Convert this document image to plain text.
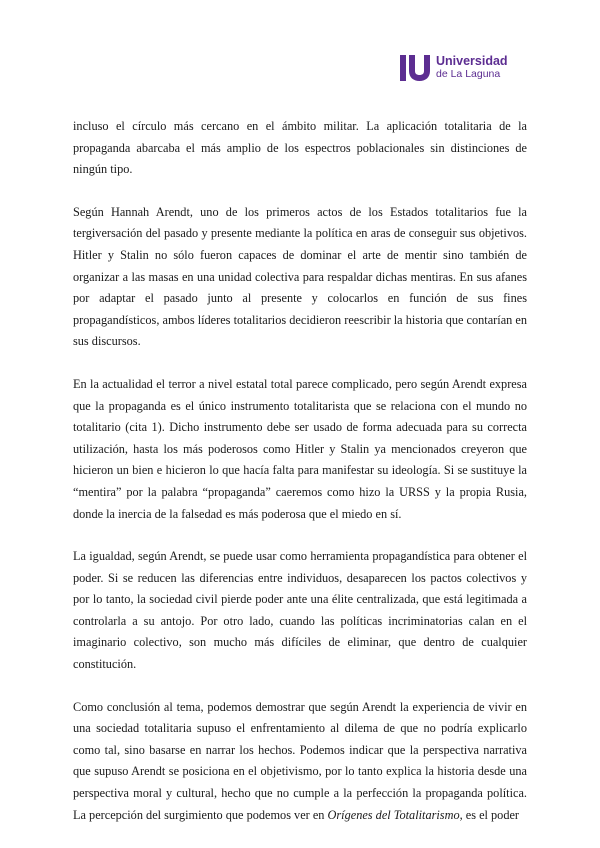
Universidad
de La Laguna

incluso el círculo más cercano en el ámbito militar. La aplicación totalitaria de la propaganda abarcaba el más amplio de los espectros poblacionales sin distinciones de ningún tipo.

Según Hannah Arendt, uno de los primeros actos de los Estados totalitarios fue la tergiversación del pasado y presente mediante la política en aras de conseguir sus objetivos. Hitler y Stalin no sólo fueron capaces de dominar el arte de mentir sino también de organizar a las masas en una unidad colectiva para respaldar dichas mentiras. En sus afanes por adaptar el pasado junto al presente y colocarlos en función de sus fines propagandísticos, ambos líderes totalitarios decidieron reescribir la historia que contarían en sus discursos.

En la actualidad el terror a nivel estatal total parece complicado, pero según Arendt expresa que la propaganda es el único instrumento totalitarista que se relaciona con el mundo no totalitario (cita 1). Dicho instrumento debe ser usado de forma adecuada para su correcta utilización, hasta los más poderosos como Hitler y Stalin ya mencionados creyeron que hicieron un bien e hicieron lo que hacía falta para manifestar su ideología. Si se sustituye la “mentira” por la palabra “propaganda” caeremos como hizo la URSS y la propia Rusia, donde la inercia de la falsedad es más poderosa que el miedo en sí.

La igualdad, según Arendt, se puede usar como herramienta propagandística para obtener el poder. Si se reducen las diferencias entre individuos, desaparecen los pactos colectivos y por lo tanto, la sociedad civil pierde poder ante una élite centralizada, que está legitimada a controlarla a su antojo. Por otro lado, cuando las políticas incriminatorias calan en el imaginario colectivo, son mucho más difíciles de eliminar, que dentro de cualquier constitución.

Como conclusión al tema, podemos demostrar que según Arendt la experiencia de vivir en una sociedad totalitaria supuso el enfrentamiento al dilema de que no podría explicarlo como tal, sino basarse en narrar los hechos. Podemos indicar que la perspectiva narrativa que supuso Arendt se posiciona en el objetivismo, por lo tanto explica la historia desde una perspectiva moral y cultural, hecho que no cumple a la perfección la propaganda política. La percepción del surgimiento que podemos ver en Orígenes del Totalitarismo, es el poder
